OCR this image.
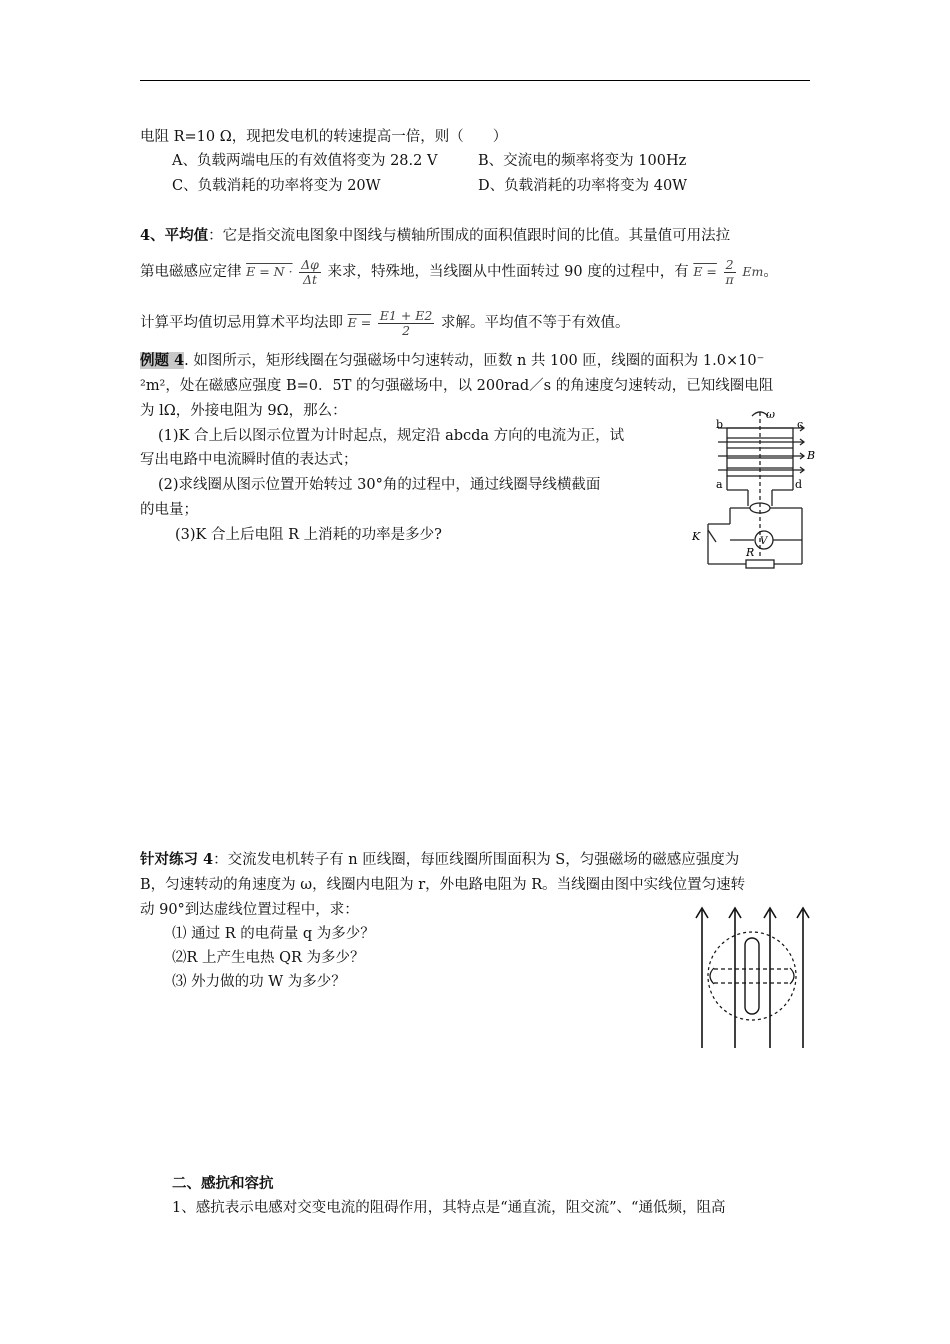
电阻 R=10 Ω，现把发电机的转速提高一倍，则（　　）
A、负载两端电压的有效值将变为 28.2 V	B、交流电的频率将变为 100Hz
C、负载消耗的功率将变为 20W	D、负载消耗的功率将变为 40W
4、平均值：它是指交流电图象中图线与横轴所围成的面积值跟时间的比值。其量值可用法拉
第电磁感应定律 $E = N \cdot \frac{\Delta\varphi}{\Delta t}$ 来求，特殊地，当线圈从中性面转过 90 度的过程中，有 $E = \frac{2}{\pi}$ Em。
计算平均值切忌用算术平均法即 $E = \frac{E1 + E2}{2}$ 求解。平均值不等于有效值。
例题 4. 如图所示，矩形线圈在匀强磁场中匀速转动，匝数 n 共 100 匝，线圈的面积为 1.0×10⁻
²m²，处在磁感应强度 B=0．5T 的匀强磁场中，以 200rad／s 的角速度匀速转动，已知线圈电阻
为 lΩ，外接电阻为 9Ω，那么：
(1)K 合上后以图示位置为计时起点，规定沿 abcda 方向的电流为正，试
写出电路中电流瞬时值的表达式；
(2)求线圈从图示位置开始转过 30°角的过程中，通过线圈导线横截面
的电量；
(3)K 合上后电阻 R 上消耗的功率是多少?
b	c
B
a	d
ω
K	V
R
针对练习 4：交流发电机转子有 n 匝线圈，每匝线圈所围面积为 S，匀强磁场的磁感应强度为
B，匀速转动的角速度为 ω，线圈内电阻为 r，外电路电阻为 R。当线圈由图中实线位置匀速转
动 90°到达虚线位置过程中，求：
⑴ 通过 R 的电荷量 q 为多少？
⑵R 上产生电热 QR 为多少？
⑶ 外力做的功 W 为多少？
二、感抗和容抗
1、感抗表示电感对交变电流的阻碍作用，其特点是“通直流，阻交流”、“通低频，阻高
